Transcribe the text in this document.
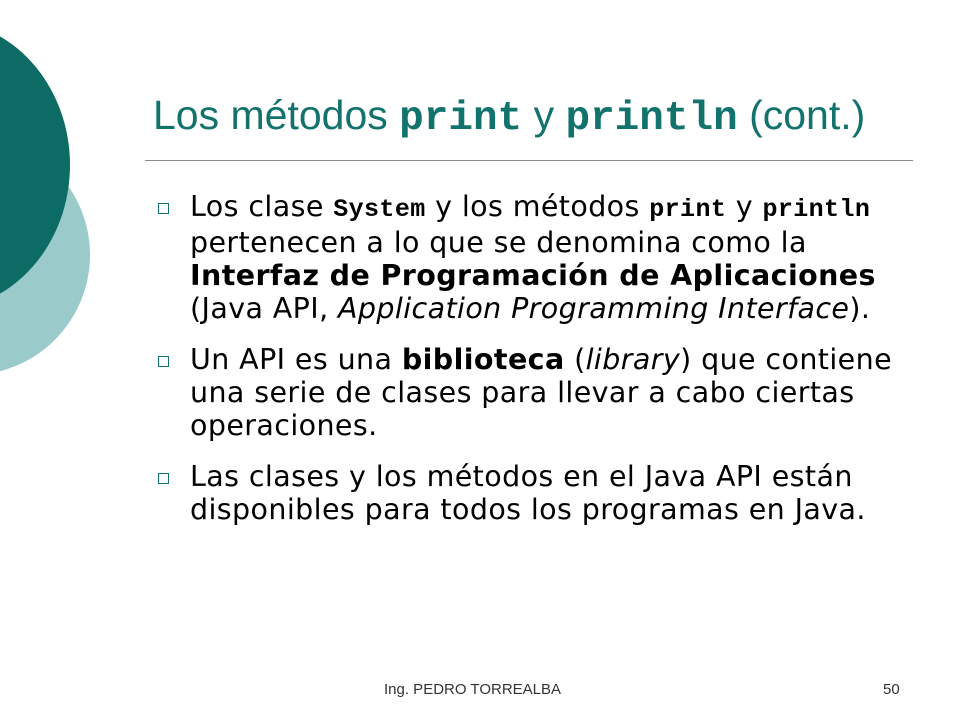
Los métodos print y println (cont.)
Los clase System y los métodos print y println pertenecen a lo que se denomina como la Interfaz de Programación de Aplicaciones (Java API, Application Programming Interface).
Un API es una biblioteca (library) que contiene una serie de clases para llevar a cabo ciertas operaciones.
Las clases y los métodos en el Java API están disponibles para todos los programas en Java.
Ing. PEDRO TORREALBA	50
